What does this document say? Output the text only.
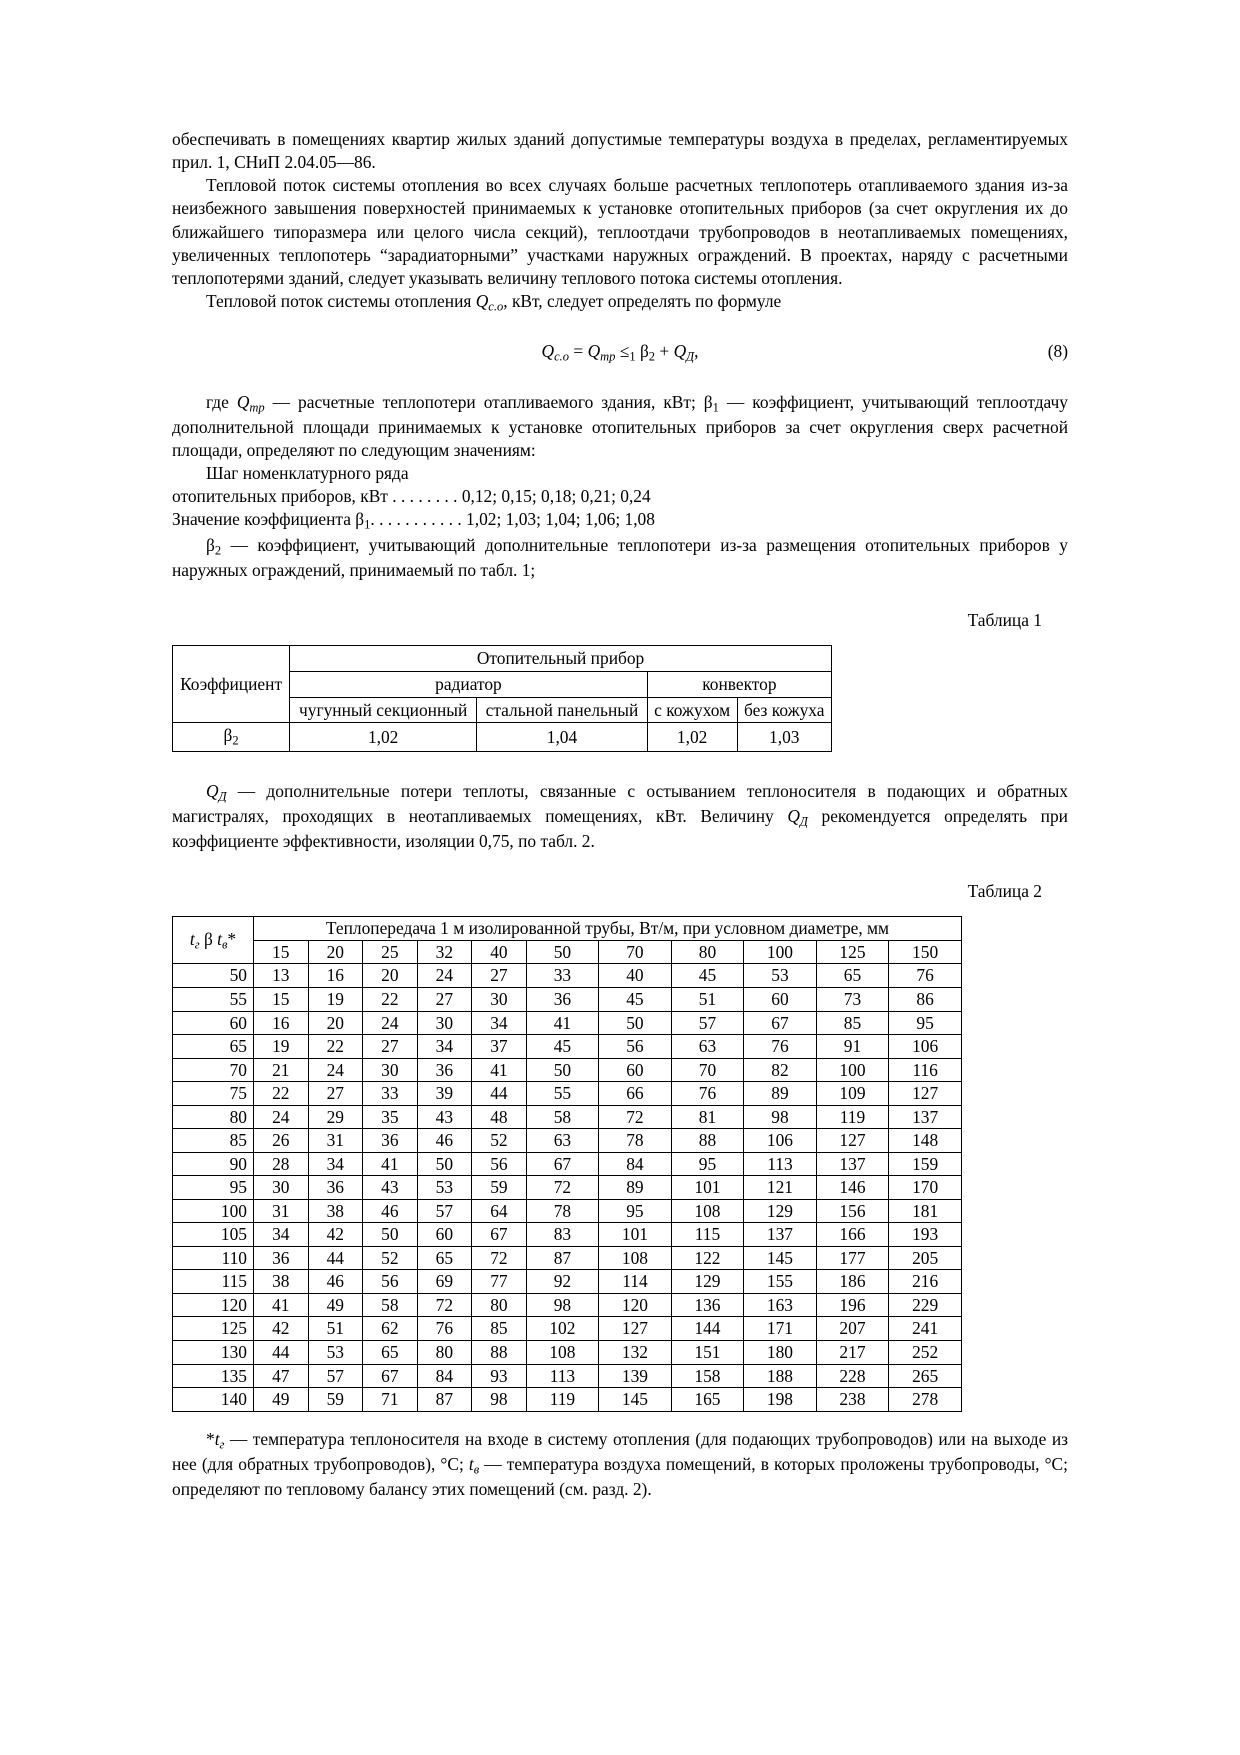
обеспечивать в помещениях квартир жилых зданий допустимые температуры воздуха в пределах, регламентируемых прил. 1, СНиП 2.04.05—86.

Тепловой поток системы отопления во всех случаях больше расчетных теплопотерь отапливаемого здания из-за неизбежного завышения поверхностей принимаемых к установке отопительных приборов (за счет округления их до ближайшего типоразмера или целого числа секций), теплоотдачи трубопроводов в неотапливаемых помещениях, увеличенных теплопотерь “зарадиаторными” участками наружных ограждений. В проектах, наряду с расчетными теплопотерями зданий, следует указывать величину теплового потока системы отопления.

Тепловой поток системы отопления $Q_{с.о}$, кВт, следует определять по формуле

$Q_{с.о} = Q_{тр} \le_1$ $\beta_2 + Q_Д$,	(8)

где $Q_{тр}$ — расчетные теплопотери отапливаемого здания, кВт; $\beta_1$ — коэффициент, учитывающий теплоотдачу дополнительной площади принимаемых к установке отопительных приборов за счет округления сверх расчетной площади, определяют по следующим значениям:

Шаг номенклатурного ряда

отопительных приборов, кВт . . . . . . . . 0,12; 0,15; 0,18; 0,21; 0,24

Значение коэффициента $\beta_1$. . . . . . . . . . . 1,02; 1,03; 1,04; 1,06; 1,08

$\beta_2$ — коэффициент, учитывающий дополнительные теплопотери из-за размещения отопительных приборов у наружных ограждений, принимаемый по табл. 1;

Таблица 1

Коэффициент	Отопительный прибор			
	радиатор		конвектор	
	чугунный секционный	стальной панельный	с кожухом	без кожуха
$\beta_2$	1,02	1,04	1,02	1,03

$Q_Д$ — дополнительные потери теплоты, связанные с остыванием теплоносителя в подающих и обратных магистралях, проходящих в неотапливаемых помещениях, кВт. Величину $Q_Д$ рекомендуется определять при коэффициенте эффективности, изоляции 0,75, по табл. 2.

Таблица 2

$t_г$ β $t_в*$	Теплопередача 1 м изолированной трубы, Вт/м, при условном диаметре, мм										
	15	20	25	32	40	50	70	80	100	125	150
50	13	16	20	24	27	33	40	45	53	65	76
55	15	19	22	27	30	36	45	51	60	73	86
60	16	20	24	30	34	41	50	57	67	85	95
65	19	22	27	34	37	45	56	63	76	91	106
70	21	24	30	36	41	50	60	70	82	100	116
75	22	27	33	39	44	55	66	76	89	109	127
80	24	29	35	43	48	58	72	81	98	119	137
85	26	31	36	46	52	63	78	88	106	127	148
90	28	34	41	50	56	67	84	95	113	137	159
95	30	36	43	53	59	72	89	101	121	146	170
100	31	38	46	57	64	78	95	108	129	156	181
105	34	42	50	60	67	83	101	115	137	166	193
110	36	44	52	65	72	87	108	122	145	177	205
115	38	46	56	69	77	92	114	129	155	186	216
120	41	49	58	72	80	98	120	136	163	196	229
125	42	51	62	76	85	102	127	144	171	207	241
130	44	53	65	80	88	108	132	151	180	217	252
135	47	57	67	84	93	113	139	158	188	228	265
140	49	59	71	87	98	119	145	165	198	238	278

$*t_г$ — температура теплоносителя на входе в систему отопления (для подающих трубопроводов) или на выходе из нее (для обратных трубопроводов), °С; $t_в$ — температура воздуха помещений, в которых проложены трубопроводы, °С; определяют по тепловому балансу этих помещений (см. разд. 2).
